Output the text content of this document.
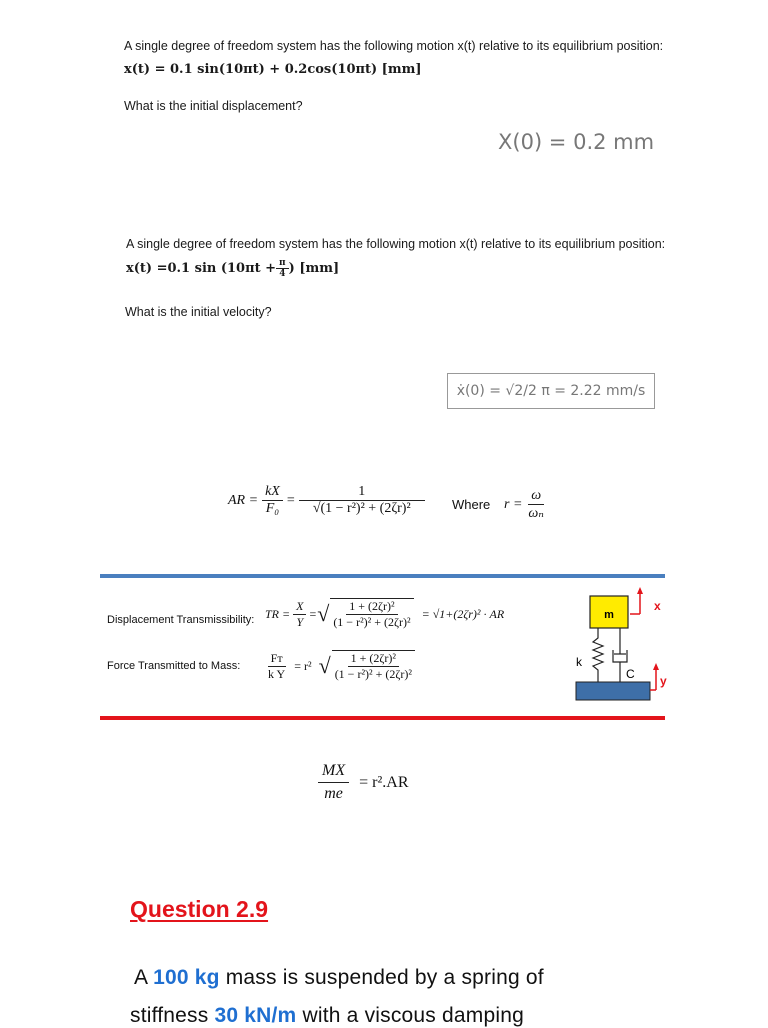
A single degree of freedom system has the following motion x(t) relative to its equilibrium position:
x(t) = 0.1 sin(10πt) + 0.2cos(10πt) [mm]
What is the initial displacement?
X(0) = 0.2 mm
A single degree of freedom system has the following motion x(t) relative to its equilibrium position:
x(t) = 0.1 $\sin (10\pi t + \frac{\pi}{4}$ ) [mm]
What is the initial velocity?
ẋ(0) = √2/2 π = 2.22 mm/s
AR = $\frac{kX}{\text{F₀}} = \frac{1}{\text{√(1 − r²)² + (2ζr)²}}$ Where $r = \frac{\omega}{\text{ωₙ}}$
Displacement Transmissibility: TR = $\frac{X}{Y}$ = √ $\frac{\text{1 + (2ζr)²}}{\text{(1 − r²)² + (2ζr)²}} = √1+(2\zeta r)^2$ · AR
Force Transmitted to Mass: $\frac{\text{Fᴛ}}{\text{k Y}} = r^2$ √ $\frac{\text{1 + (2ζr)²}}{\text{(1 − r²)² + (2ζr)²}}$
m
x
k
C y
$\frac{MX}{me} = r^2.AR$
Question 2.9
A 100 kg mass is suspended by a spring of
stiffness 30 kN/m with a viscous damping
